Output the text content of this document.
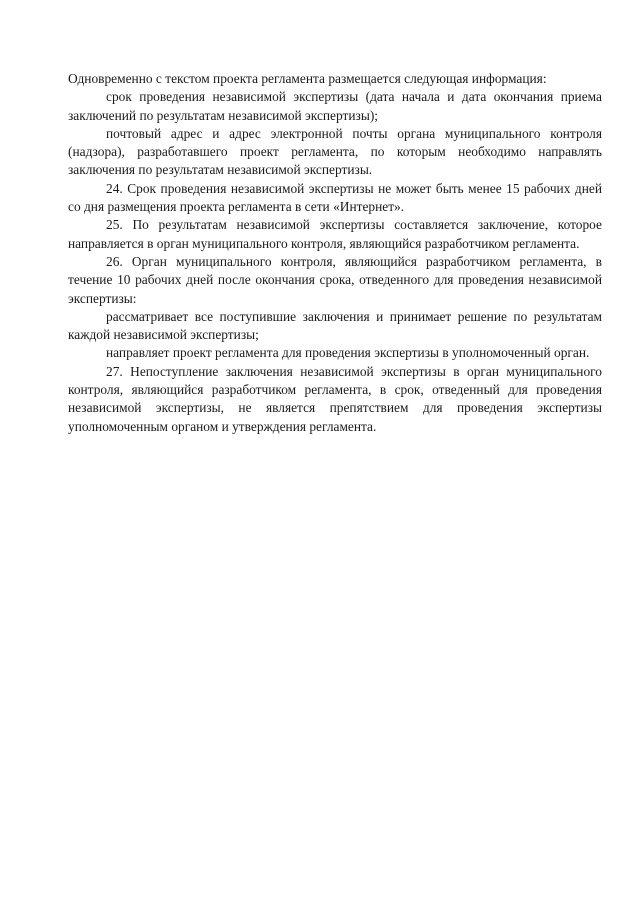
Одновременно с текстом проекта регламента размещается следующая информация:

срок проведения независимой экспертизы (дата начала и дата окончания приема заключений по результатам независимой экспертизы);

почтовый адрес и адрес электронной почты органа муниципального контроля (надзора), разработавшего проект регламента, по которым необходимо направлять заключения по результатам независимой экспертизы.

24. Срок проведения независимой экспертизы не может быть менее 15 рабочих дней со дня размещения проекта регламента в сети «Интернет».

25. По результатам независимой экспертизы составляется заключение, которое направляется в орган муниципального контроля, являющийся разработчиком регламента.

26. Орган муниципального контроля, являющийся разработчиком регламента, в течение 10 рабочих дней после окончания срока, отведенного для проведения независимой экспертизы:

рассматривает все поступившие заключения и принимает решение по результатам каждой независимой экспертизы;

направляет проект регламента для проведения экспертизы в уполномоченный орган.

27. Непоступление заключения независимой экспертизы в орган муниципального контроля, являющийся разработчиком регламента, в срок, отведенный для проведения независимой экспертизы, не является препятствием для проведения экспертизы уполномоченным органом и утверждения регламента.
